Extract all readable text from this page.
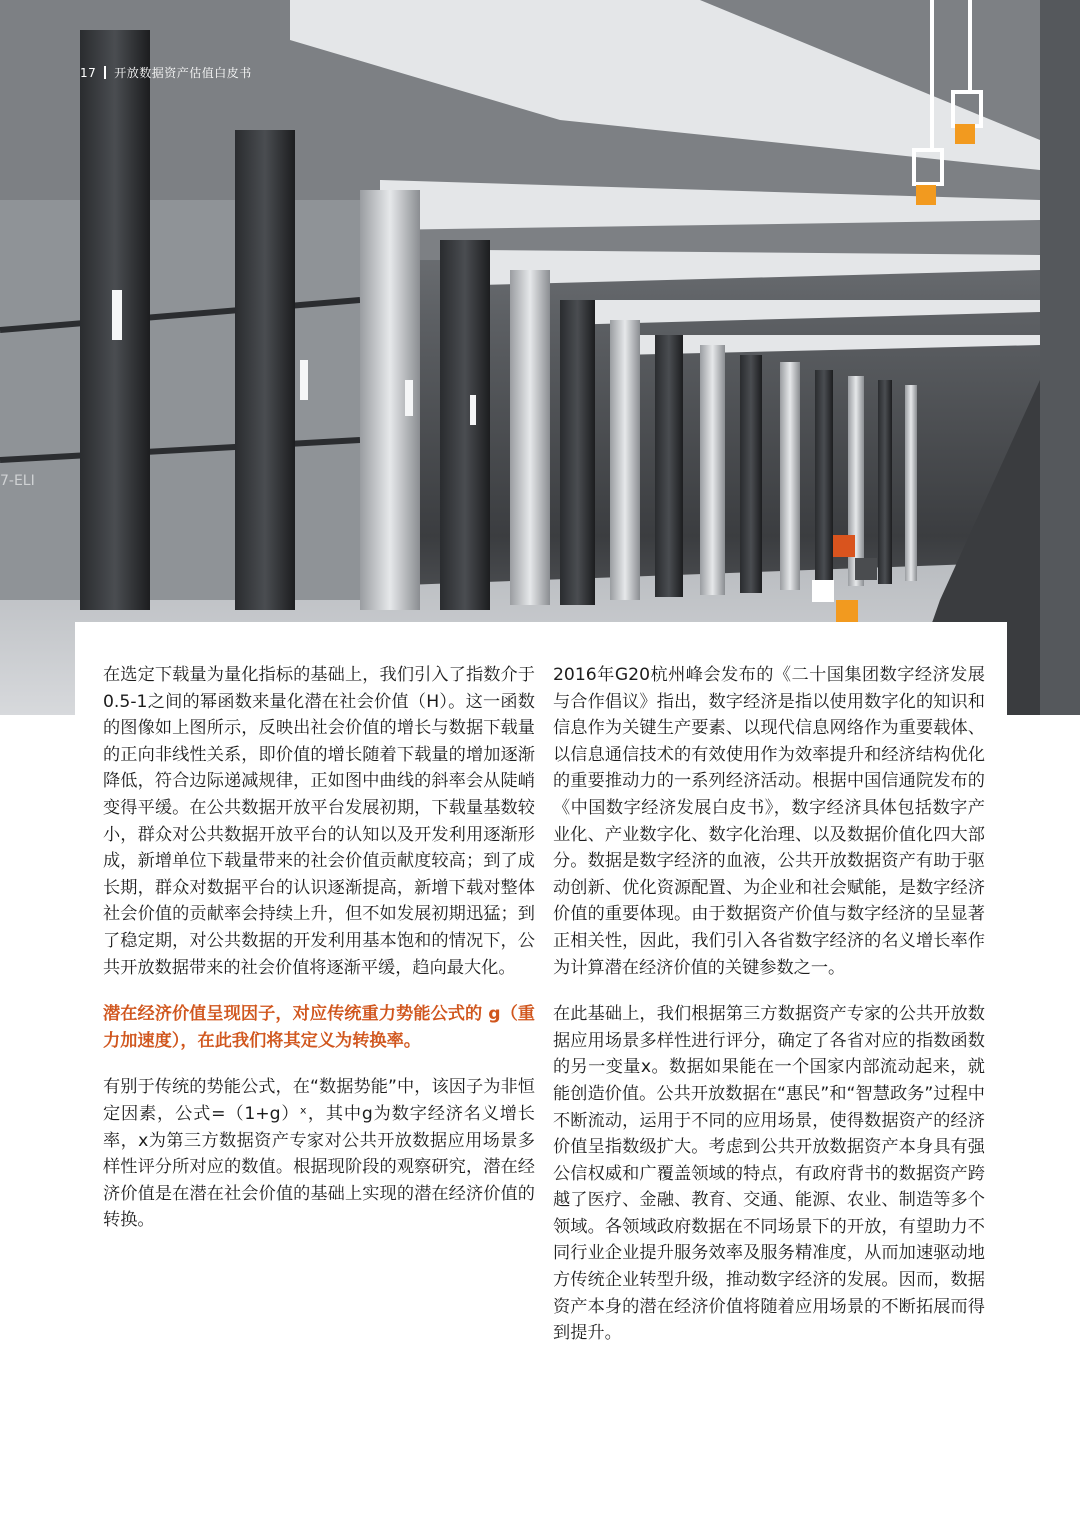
7-ELI
17 开放数据资产估值白皮书

在选定下载量为量化指标的基础上，我们引入了指数介于0.5-1之间的幂函数来量化潜在社会价值（H）。这一函数的图像如上图所示，反映出社会价值的增长与数据下载量的正向非线性关系，即价值的增长随着下载量的增加逐渐降低，符合边际递减规律，正如图中曲线的斜率会从陡峭变得平缓。在公共数据开放平台发展初期，下载量基数较小，群众对公共数据开放平台的认知以及开发利用逐渐形成，新增单位下载量带来的社会价值贡献度较高；到了成长期，群众对数据平台的认识逐渐提高，新增下载对整体社会价值的贡献率会持续上升，但不如发展初期迅猛；到了稳定期，对公共数据的开发利用基本饱和的情况下，公共开放数据带来的社会价值将逐渐平缓，趋向最大化。

潜在经济价值呈现因子，对应传统重力势能公式的 g（重力加速度），在此我们将其定义为转换率。

有别于传统的势能公式，在“数据势能”中，该因子为非恒定因素，公式=（1+g）ˣ，其中g为数字经济名义增长率，x为第三方数据资产专家对公共开放数据应用场景多样性评分所对应的数值。根据现阶段的观察研究，潜在经济价值是在潜在社会价值的基础上实现的潜在经济价值的转换。

2016年G20杭州峰会发布的《二十国集团数字经济发展与合作倡议》指出，数字经济是指以使用数字化的知识和信息作为关键生产要素、以现代信息网络作为重要载体、以信息通信技术的有效使用作为效率提升和经济结构优化的重要推动力的一系列经济活动。根据中国信通院发布的《中国数字经济发展白皮书》，数字经济具体包括数字产业化、产业数字化、数字化治理、以及数据价值化四大部分。数据是数字经济的血液，公共开放数据资产有助于驱动创新、优化资源配置、为企业和社会赋能，是数字经济价值的重要体现。由于数据资产价值与数字经济的呈显著正相关性，因此，我们引入各省数字经济的名义增长率作为计算潜在经济价值的关键参数之一。

在此基础上，我们根据第三方数据资产专家的公共开放数据应用场景多样性进行评分，确定了各省对应的指数函数的另一变量x。数据如果能在一个国家内部流动起来，就能创造价值。公共开放数据在“惠民”和“智慧政务”过程中不断流动，运用于不同的应用场景，使得数据资产的经济价值呈指数级扩大。考虑到公共开放数据资产本身具有强公信权威和广覆盖领域的特点，有政府背书的数据资产跨越了医疗、金融、教育、交通、能源、农业、制造等多个领域。各领域政府数据在不同场景下的开放，有望助力不同行业企业提升服务效率及服务精准度，从而加速驱动地方传统企业转型升级，推动数字经济的发展。因而，数据资产本身的潜在经济价值将随着应用场景的不断拓展而得到提升。
